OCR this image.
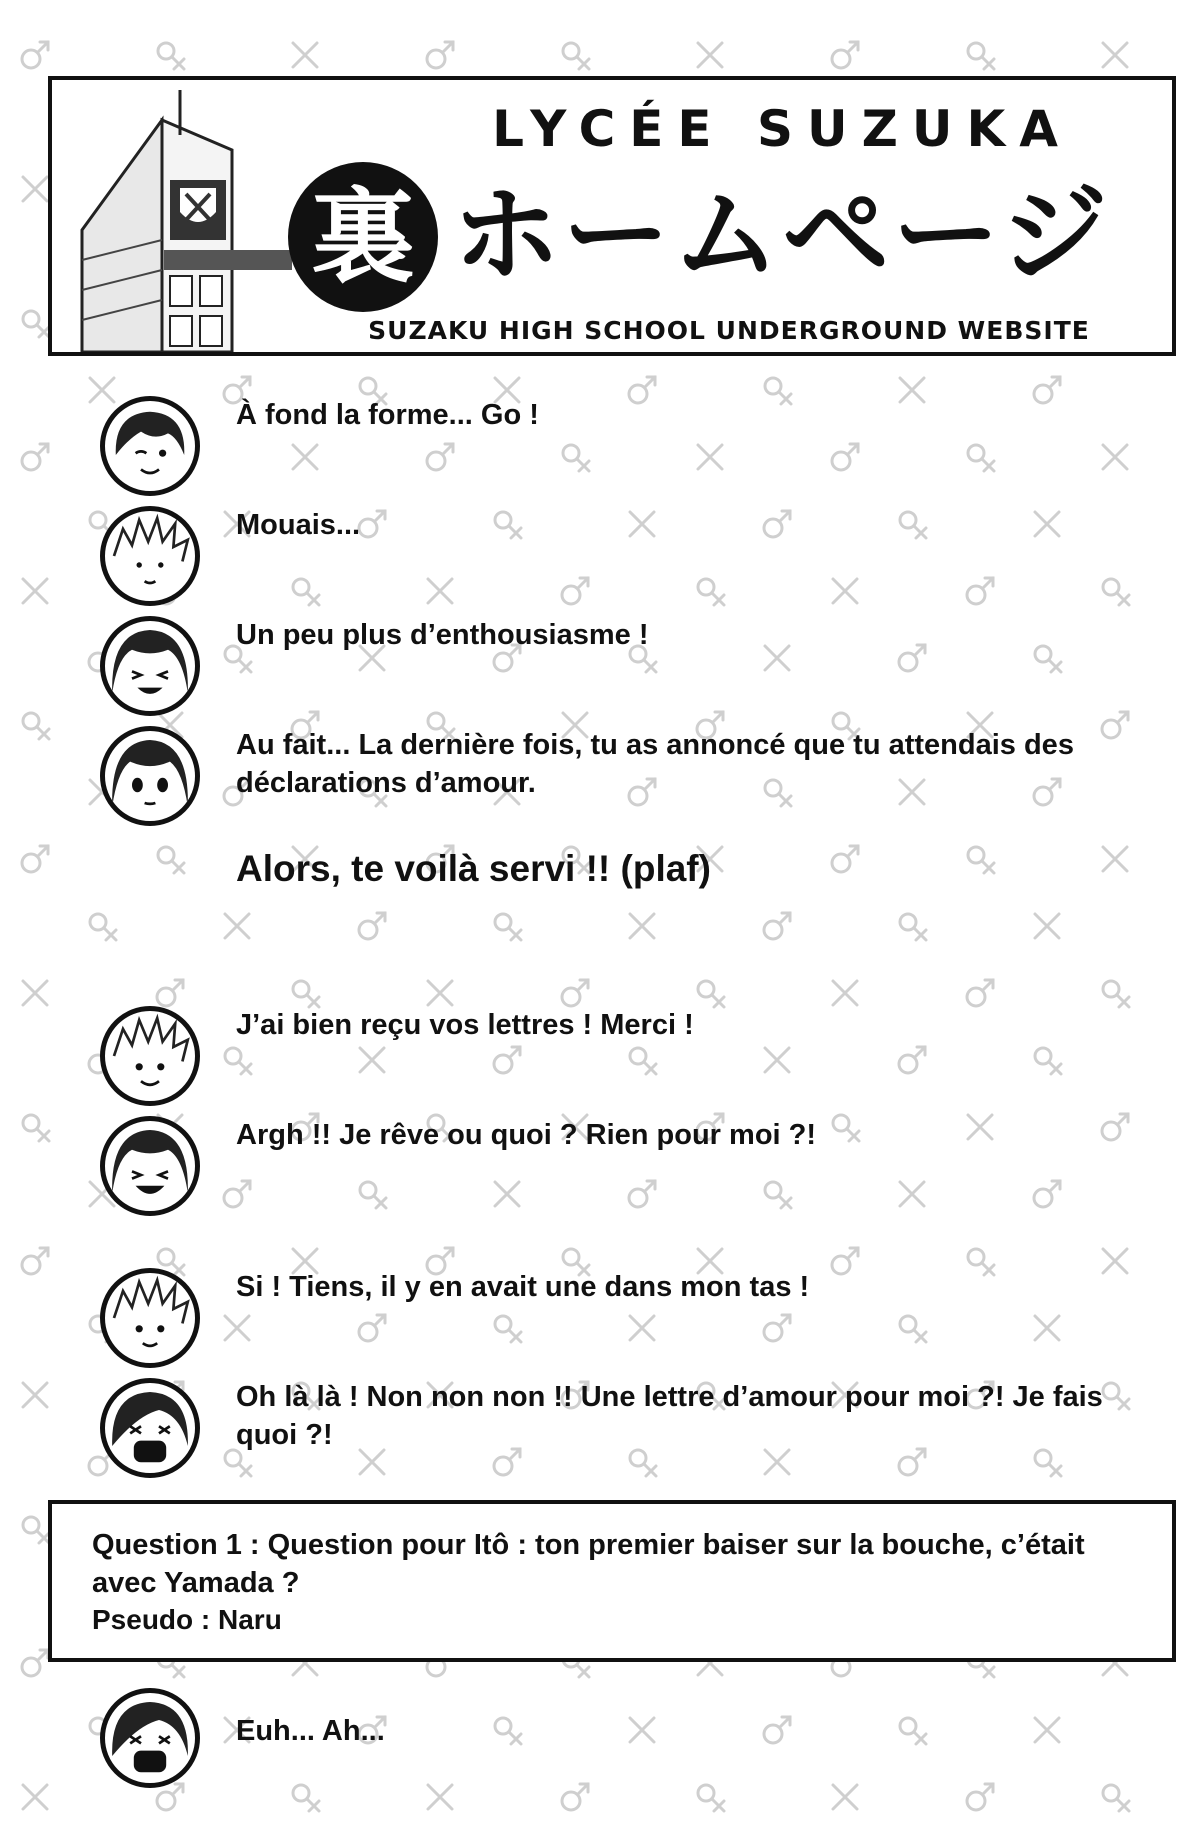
LYCÉE SUZUKA
裏 ホームページ
SUZAKU HIGH SCHOOL UNDERGROUND WEBSITE
À fond la forme... Go !
Mouais...
Un peu plus d’enthousiasme !
Au fait... La dernière fois, tu as annoncé que tu attendais des déclarations d’amour.
Alors, te voilà servi !! (plaf)
J’ai bien reçu vos lettres ! Merci !
Argh !! Je rêve ou quoi ? Rien pour moi ?!
Si ! Tiens, il y en avait une dans mon tas !
Oh là là ! Non non non !! Une lettre d’amour pour moi ?! Je fais quoi ?!
Question 1 : Question pour Itô : ton premier baiser sur la bouche, c’était avec Yamada ?
Pseudo : Naru
Euh... Ah...
